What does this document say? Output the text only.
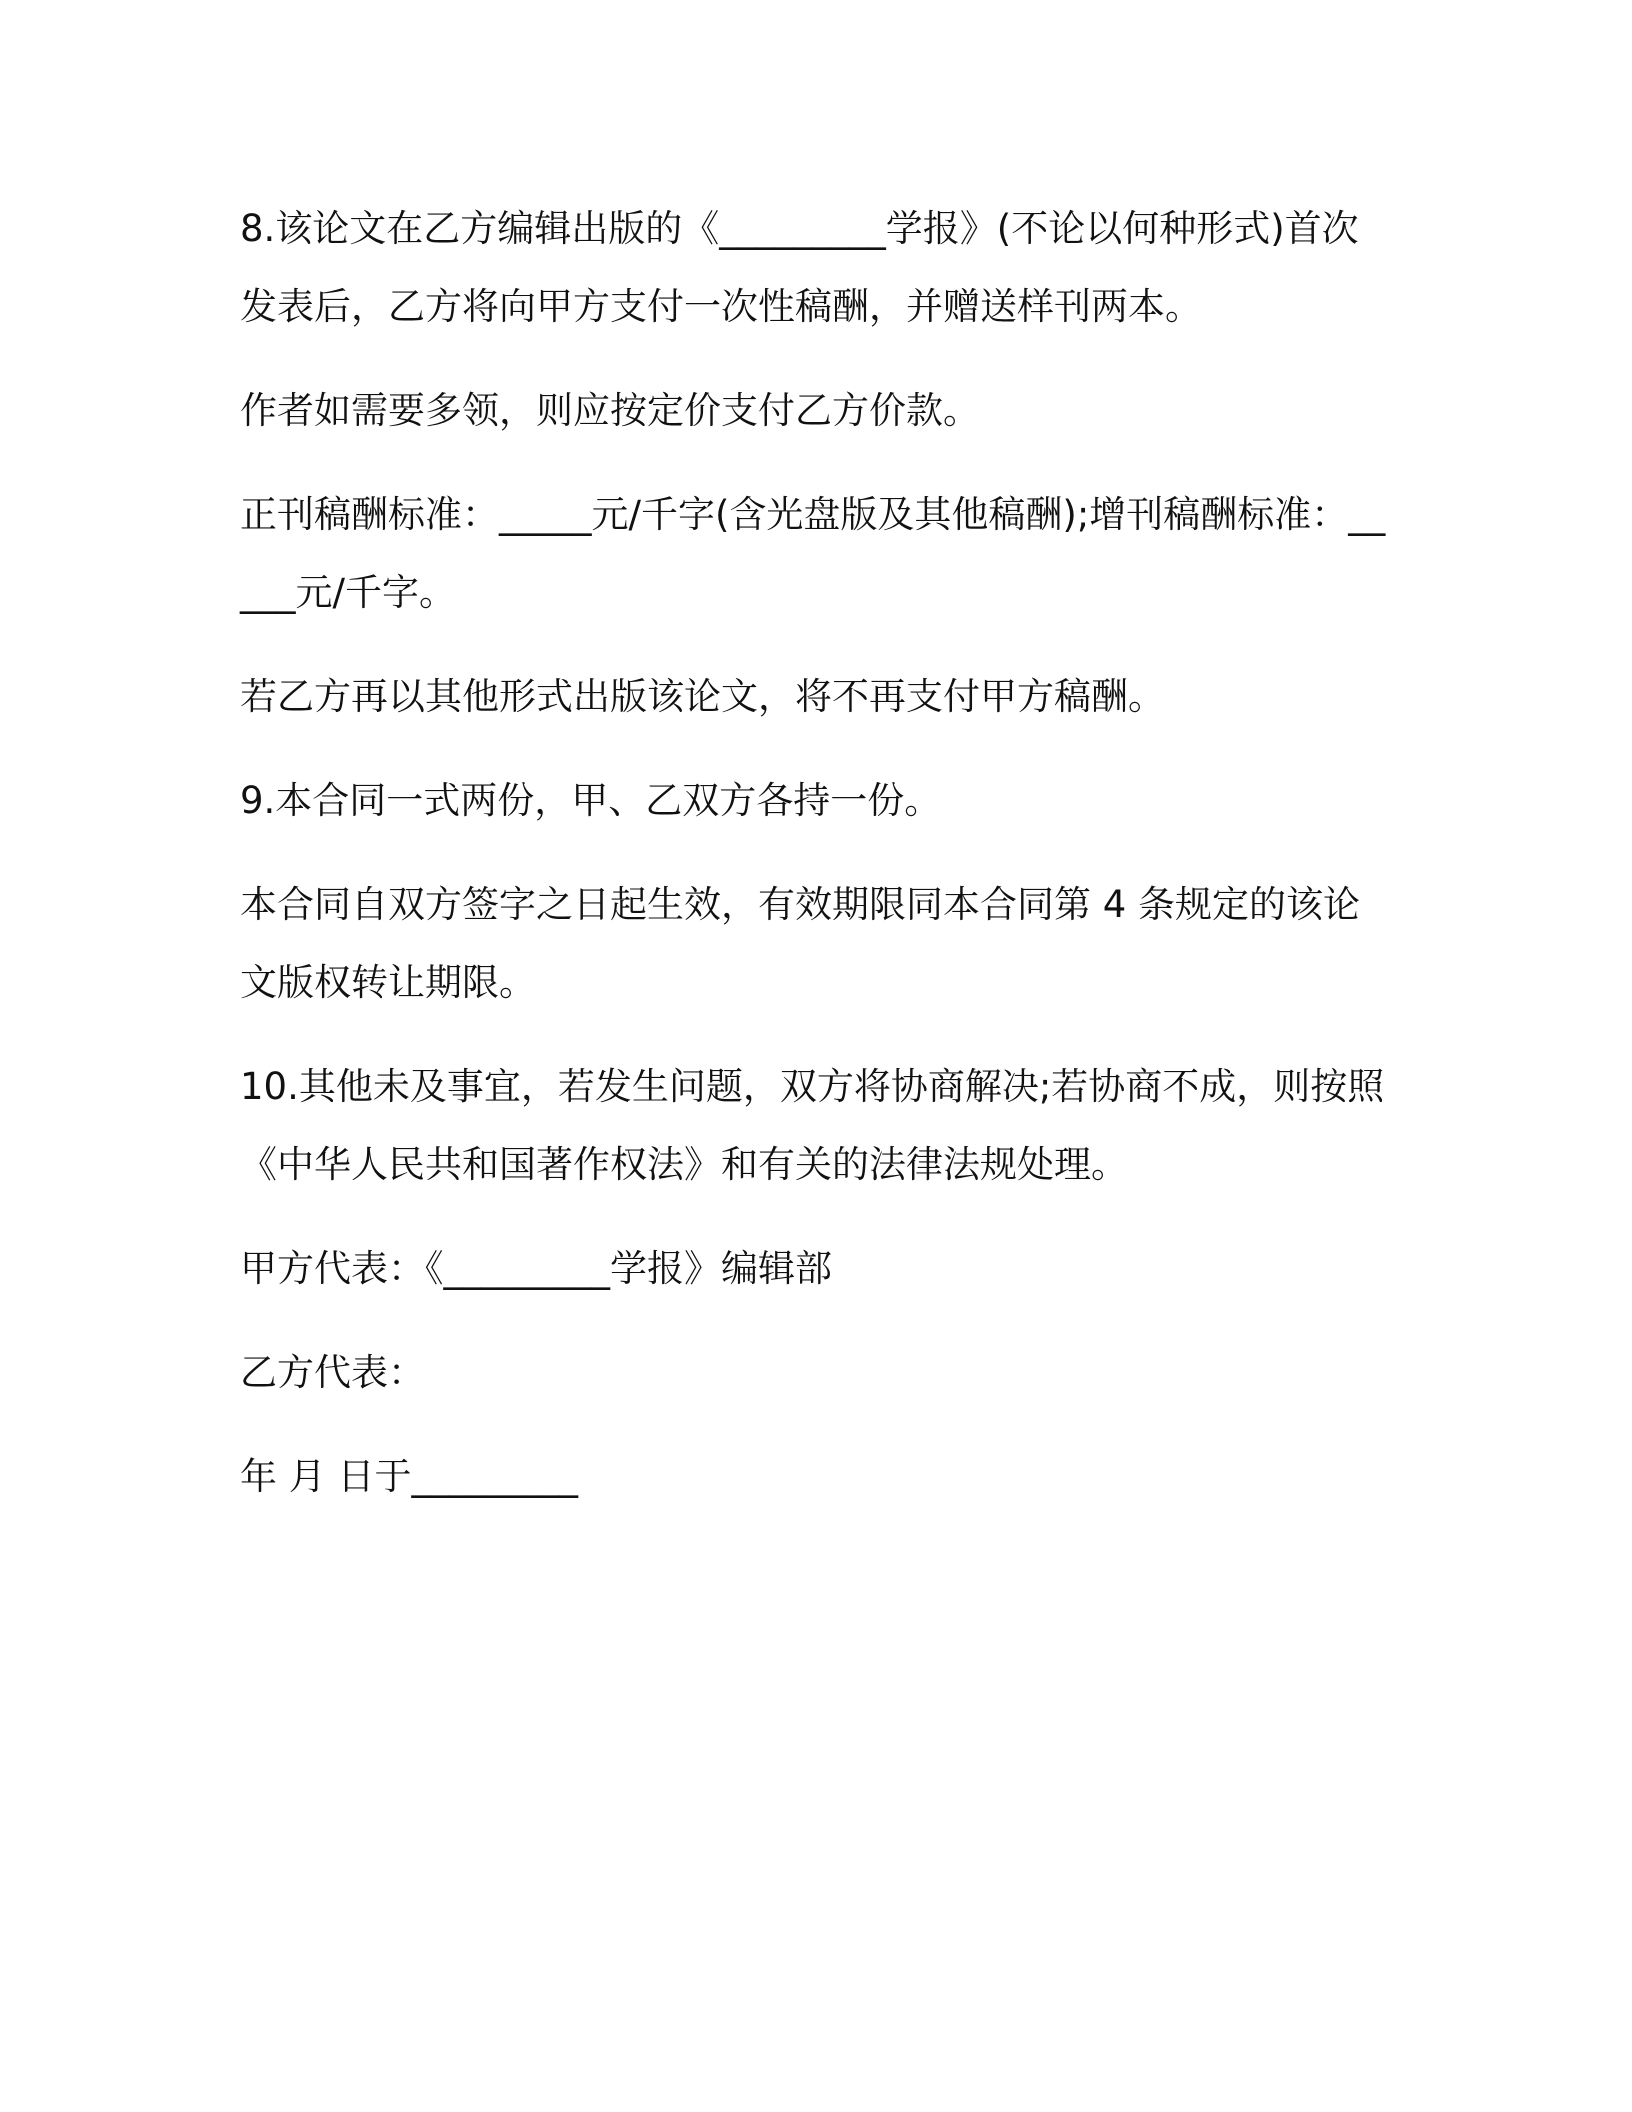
8.该论文在乙方编辑出版的《_________学报》(不论以何种形式)首次发表后，乙方将向甲方支付一次性稿酬，并赠送样刊两本。

作者如需要多领，则应按定价支付乙方价款。

正刊稿酬标准：_____元/千字(含光盘版及其他稿酬);增刊稿酬标准：_____元/千字。

若乙方再以其他形式出版该论文，将不再支付甲方稿酬。

9.本合同一式两份，甲、乙双方各持一份。

本合同自双方签字之日起生效，有效期限同本合同第 4 条规定的该论文版权转让期限。

10.其他未及事宜，若发生问题，双方将协商解决;若协商不成，则按照《中华人民共和国著作权法》和有关的法律法规处理。

甲方代表：《_________学报》编辑部

乙方代表：

年 月 日于_________
